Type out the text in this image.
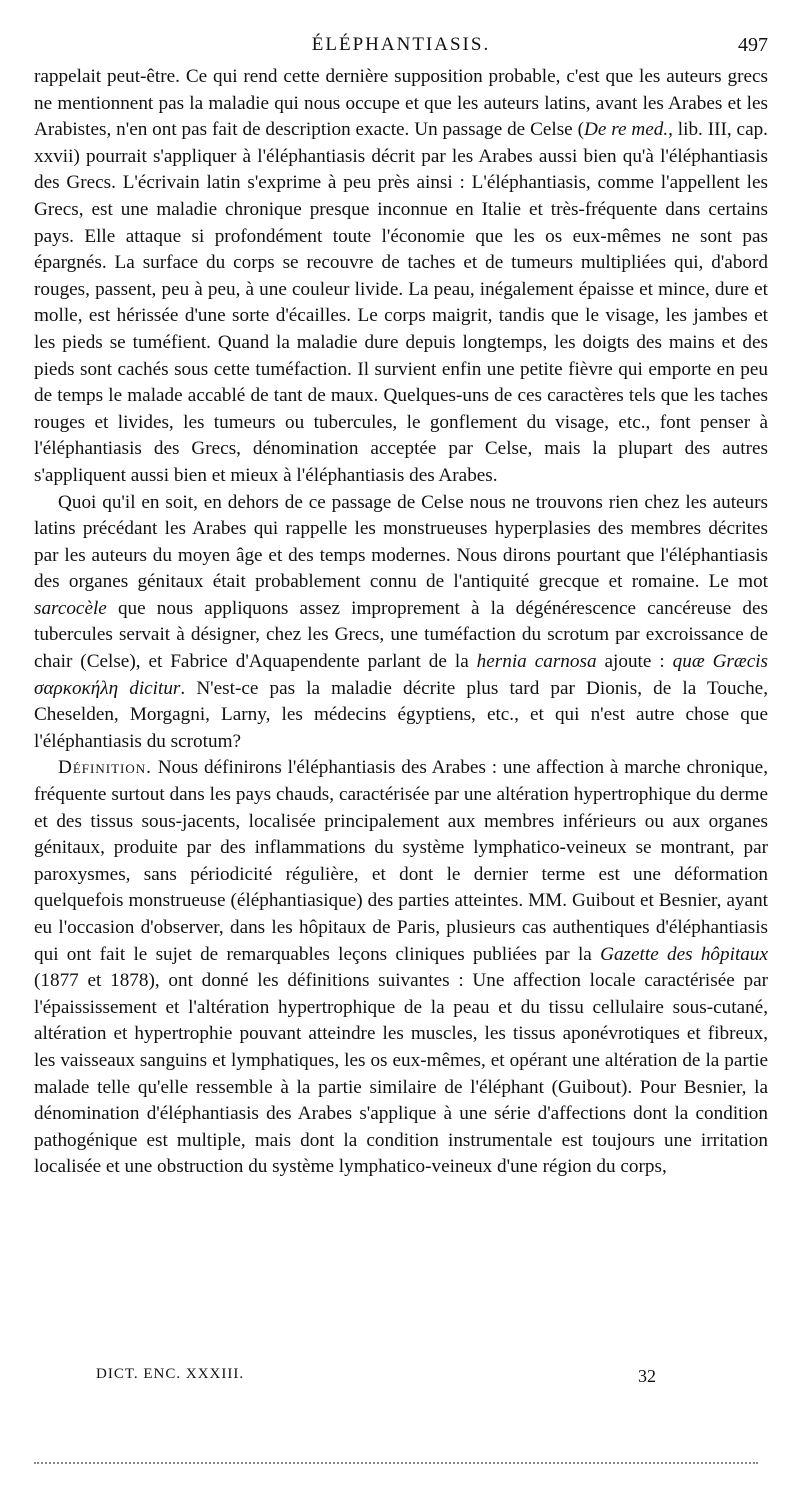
ÉLÉPHANTIASIS.	497

rappelait peut-être. Ce qui rend cette dernière supposition probable, c'est que les auteurs grecs ne mentionnent pas la maladie qui nous occupe et que les auteurs latins, avant les Arabes et les Arabistes, n'en ont pas fait de description exacte. Un passage de Celse (De re med., lib. III, cap. xxvii) pourrait s'appliquer à l'éléphantiasis décrit par les Arabes aussi bien qu'à l'éléphantiasis des Grecs. L'écrivain latin s'exprime à peu près ainsi : L'éléphantiasis, comme l'appellent les Grecs, est une maladie chronique presque inconnue en Italie et très-fréquente dans certains pays. Elle attaque si profondément toute l'économie que les os eux-mêmes ne sont pas épargnés. La surface du corps se recouvre de taches et de tumeurs multipliées qui, d'abord rouges, passent, peu à peu, à une couleur livide. La peau, inégalement épaisse et mince, dure et molle, est hérissée d'une sorte d'écailles. Le corps maigrit, tandis que le visage, les jambes et les pieds se tuméfient. Quand la maladie dure depuis longtemps, les doigts des mains et des pieds sont cachés sous cette tuméfaction. Il survient enfin une petite fièvre qui emporte en peu de temps le malade accablé de tant de maux. Quelques-uns de ces caractères tels que les taches rouges et livides, les tumeurs ou tubercules, le gonflement du visage, etc., font penser à l'éléphantiasis des Grecs, dénomination acceptée par Celse, mais la plupart des autres s'appliquent aussi bien et mieux à l'éléphantiasis des Arabes.

Quoi qu'il en soit, en dehors de ce passage de Celse nous ne trouvons rien chez les auteurs latins précédant les Arabes qui rappelle les monstrueuses hyperplasies des membres décrites par les auteurs du moyen âge et des temps modernes. Nous dirons pourtant que l'éléphantiasis des organes génitaux était probablement connu de l'antiquité grecque et romaine. Le mot sarcocèle que nous appliquons assez improprement à la dégénérescence cancéreuse des tubercules servait à désigner, chez les Grecs, une tuméfaction du scrotum par excroissance de chair (Celse), et Fabrice d'Aquapendente parlant de la hernia carnosa ajoute : quæ Græcis σαρκοκήλη dicitur. N'est-ce pas la maladie décrite plus tard par Dionis, de la Touche, Cheselden, Morgagni, Larny, les médecins égyptiens, etc., et qui n'est autre chose que l'éléphantiasis du scrotum?

Définition. Nous définirons l'éléphantiasis des Arabes : une affection à marche chronique, fréquente surtout dans les pays chauds, caractérisée par une altération hypertrophique du derme et des tissus sous-jacents, localisée principalement aux membres inférieurs ou aux organes génitaux, produite par des inflammations du système lymphatico-veineux se montrant, par paroxysmes, sans périodicité régulière, et dont le dernier terme est une déformation quelquefois monstrueuse (éléphantiasique) des parties atteintes. MM. Guibout et Besnier, ayant eu l'occasion d'observer, dans les hôpitaux de Paris, plusieurs cas authentiques d'éléphantiasis qui ont fait le sujet de remarquables leçons cliniques publiées par la Gazette des hôpitaux (1877 et 1878), ont donné les définitions suivantes : Une affection locale caractérisée par l'épaississement et l'altération hypertrophique de la peau et du tissu cellulaire sous-cutané, altération et hypertrophie pouvant atteindre les muscles, les tissus aponévrotiques et fibreux, les vaisseaux sanguins et lymphatiques, les os eux-mêmes, et opérant une altération de la partie malade telle qu'elle ressemble à la partie similaire de l'éléphant (Guibout). Pour Besnier, la dénomination d'éléphantiasis des Arabes s'applique à une série d'affections dont la condition pathogénique est multiple, mais dont la condition instrumentale est toujours une irritation localisée et une obstruction du système lymphatico-veineux d'une région du corps,

DICT. ENC. XXXIII.	32
